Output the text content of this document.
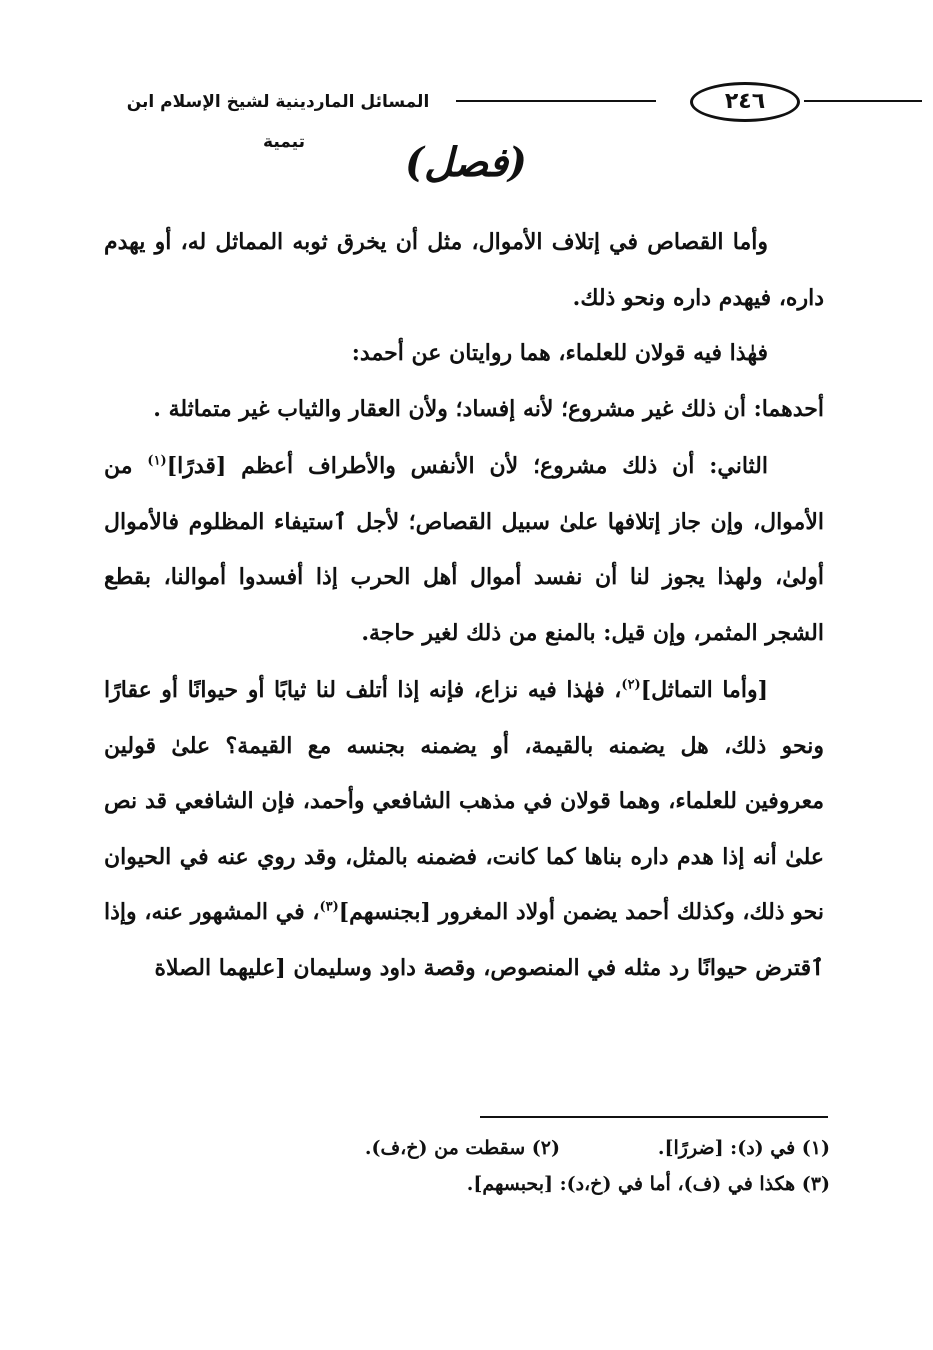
المسائل الماردينية لشيخ الإسلام ابن تيمية
٢٤٦
(فصل)

وأما القصاص في إتلاف الأموال، مثل أن يخرق ثوبه المماثل له، أو يهدم داره، فيهدم داره ونحو ذلك.

فهٰذا فيه قولان للعلماء، هما روايتان عن أحمد:

أحدهما: أن ذلك غير مشروع؛ لأنه إفساد؛ ولأن العقار والثياب غير متماثلة .

الثاني: أن ذلك مشروع؛ لأن الأنفس والأطراف أعظم [قدرًا]$^{(١)}$ من الأموال، وإن جاز إتلافها علىٰ سبيل القصاص؛ لأجل ٱستيفاء المظلوم فالأموال أولىٰ، ولهذا يجوز لنا أن نفسد أموال أهل الحرب إذا أفسدوا أموالنا، بقطع الشجر المثمر، وإن قيل: بالمنع من ذلك لغير حاجة.

[وأما التماثل]$^{(٢)}$، فهٰذا فيه نزاع، فإنه إذا أتلف لنا ثيابًا أو حيوانًا أو عقارًا ونحو ذلك، هل يضمنه بالقيمة، أو يضمنه بجنسه مع القيمة؟ علىٰ قولين معروفين للعلماء، وهما قولان في مذهب الشافعي وأحمد، فإن الشافعي قد نص علىٰ أنه إذا هدم داره بناها كما كانت، فضمنه بالمثل، وقد روي عنه في الحيوان نحو ذلك، وكذلك أحمد يضمن أولاد المغرور [بجنسهم]$^{(٣)}$، في المشهور عنه، وإذا ٱقترض حيوانًا رد مثله في المنصوص، وقصة داود وسليمان [عليهما الصلاة

(١) في (د): [ضررًا].(٢) سقطت من (خ،ف).
(٣) هكذا في (ف)، أما في (خ،د): [بحبسهم].
